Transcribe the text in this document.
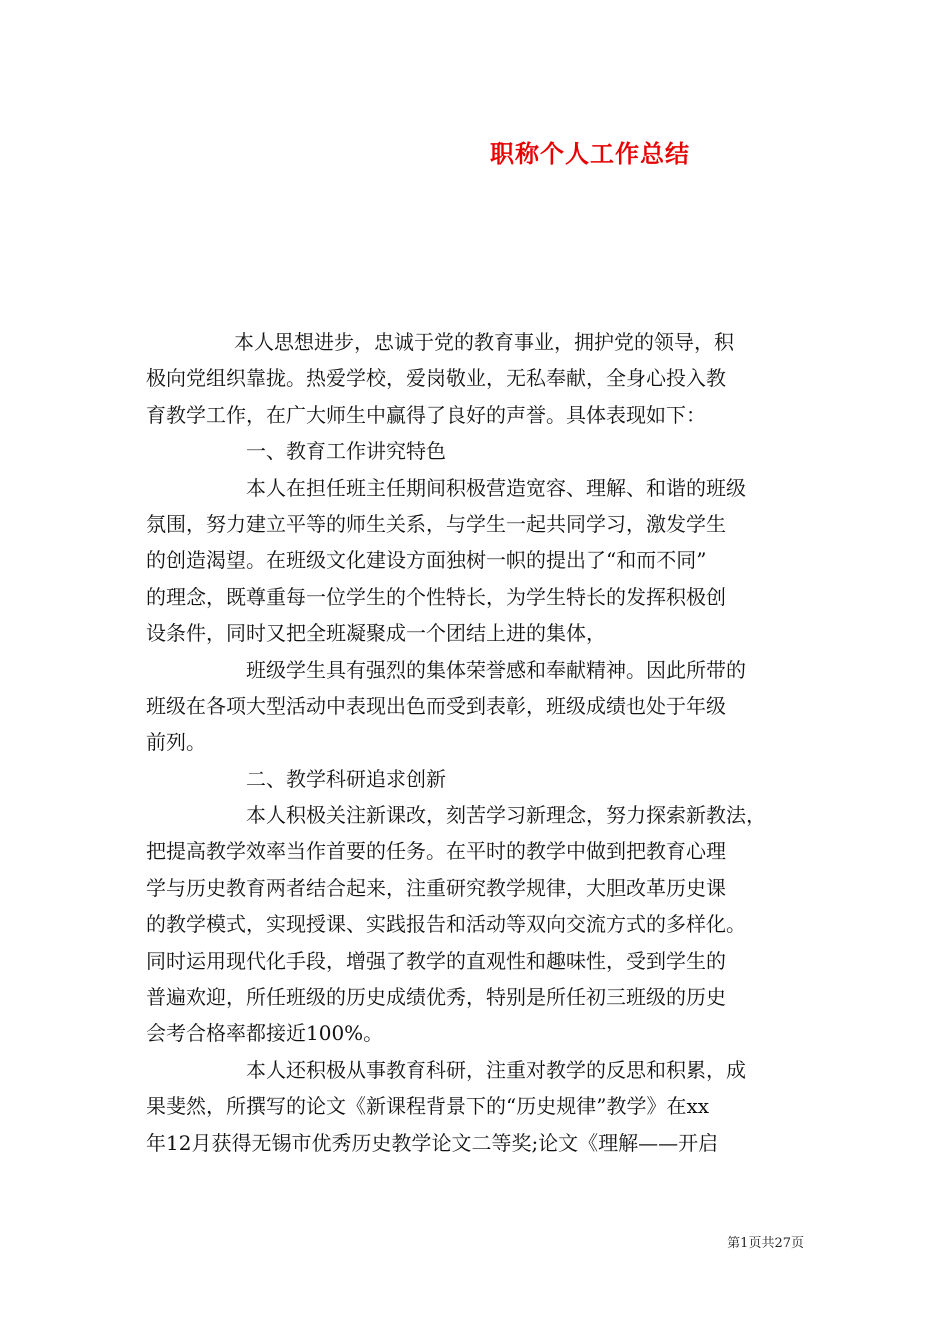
职称个人工作总结
本人思想进步，忠诚于党的教育事业，拥护党的领导，积
极向党组织靠拢。热爱学校，爱岗敬业，无私奉献，全身心投入教
育教学工作，在广大师生中赢得了良好的声誉。具体表现如下：
一、教育工作讲究特色
本人在担任班主任期间积极营造宽容、理解、和谐的班级
氛围，努力建立平等的师生关系，与学生一起共同学习，激发学生
的创造渴望。在班级文化建设方面独树一帜的提出了“和而不同”
的理念，既尊重每一位学生的个性特长，为学生特长的发挥积极创
设条件，同时又把全班凝聚成一个团结上进的集体，
班级学生具有强烈的集体荣誉感和奉献精神。因此所带的
班级在各项大型活动中表现出色而受到表彰，班级成绩也处于年级
前列。
二、教学科研追求创新
本人积极关注新课改，刻苦学习新理念，努力探索新教法，
把提高教学效率当作首要的任务。在平时的教学中做到把教育心理
学与历史教育两者结合起来，注重研究教学规律，大胆改革历史课
的教学模式，实现授课、实践报告和活动等双向交流方式的多样化。
同时运用现代化手段，增强了教学的直观性和趣味性，受到学生的
普遍欢迎，所任班级的历史成绩优秀，特别是所任初三班级的历史
会考合格率都接近100%。
本人还积极从事教育科研，注重对教学的反思和积累，成
果斐然，所撰写的论文《新课程背景下的“历史规律”教学》在xx
年12月获得无锡市优秀历史教学论文二等奖;论文《理解——开启
第1页共27页
